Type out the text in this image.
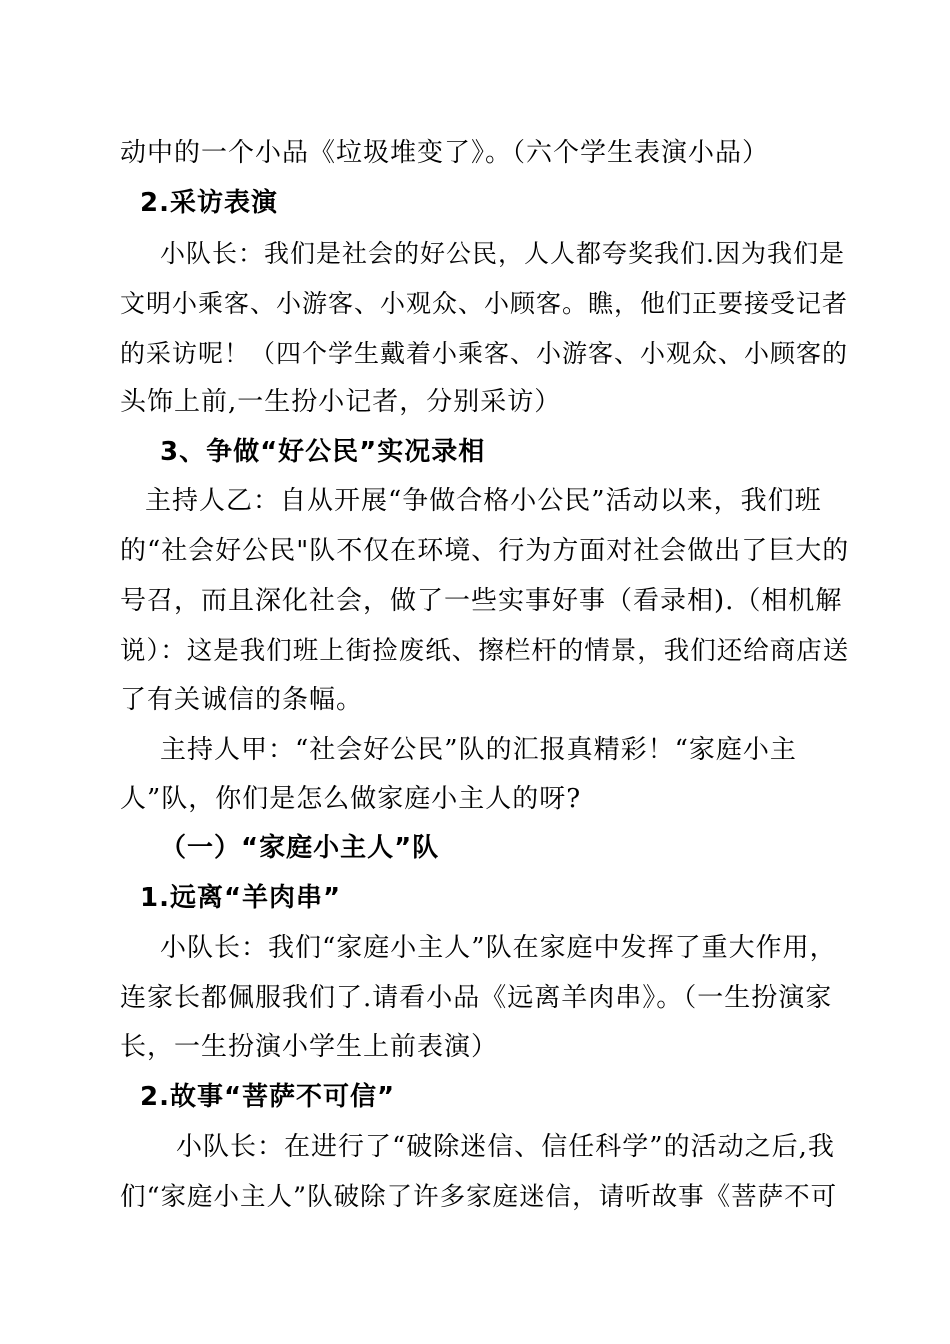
动中的一个小品《垃圾堆变了》。（六个学生表演小品）
2.采访表演
小队长：我们是社会的好公民，人人都夸奖我们.因为我们是
文明小乘客、小游客、小观众、小顾客。瞧，他们正要接受记者
的采访呢！（四个学生戴着小乘客、小游客、小观众、小顾客的
头饰上前,一生扮小记者，分别采访）
3、争做“好公民”实况录相
主持人乙：自从开展“争做合格小公民”活动以来，我们班
的“社会好公民"队不仅在环境、行为方面对社会做出了巨大的
号召，而且深化社会，做了一些实事好事（看录相).（相机解
说）：这是我们班上街捡废纸、擦栏杆的情景，我们还给商店送
了有关诚信的条幅。
主持人甲：“社会好公民”队的汇报真精彩！“家庭小主
人”队，你们是怎么做家庭小主人的呀?
（一）“家庭小主人”队
1.远离“羊肉串”
小队长：我们“家庭小主人”队在家庭中发挥了重大作用，
连家长都佩服我们了.请看小品《远离羊肉串》。（一生扮演家
长，一生扮演小学生上前表演）
2.故事“菩萨不可信”
小队长：在进行了“破除迷信、信任科学”的活动之后,我
们“家庭小主人”队破除了许多家庭迷信，请听故事《菩萨不可
